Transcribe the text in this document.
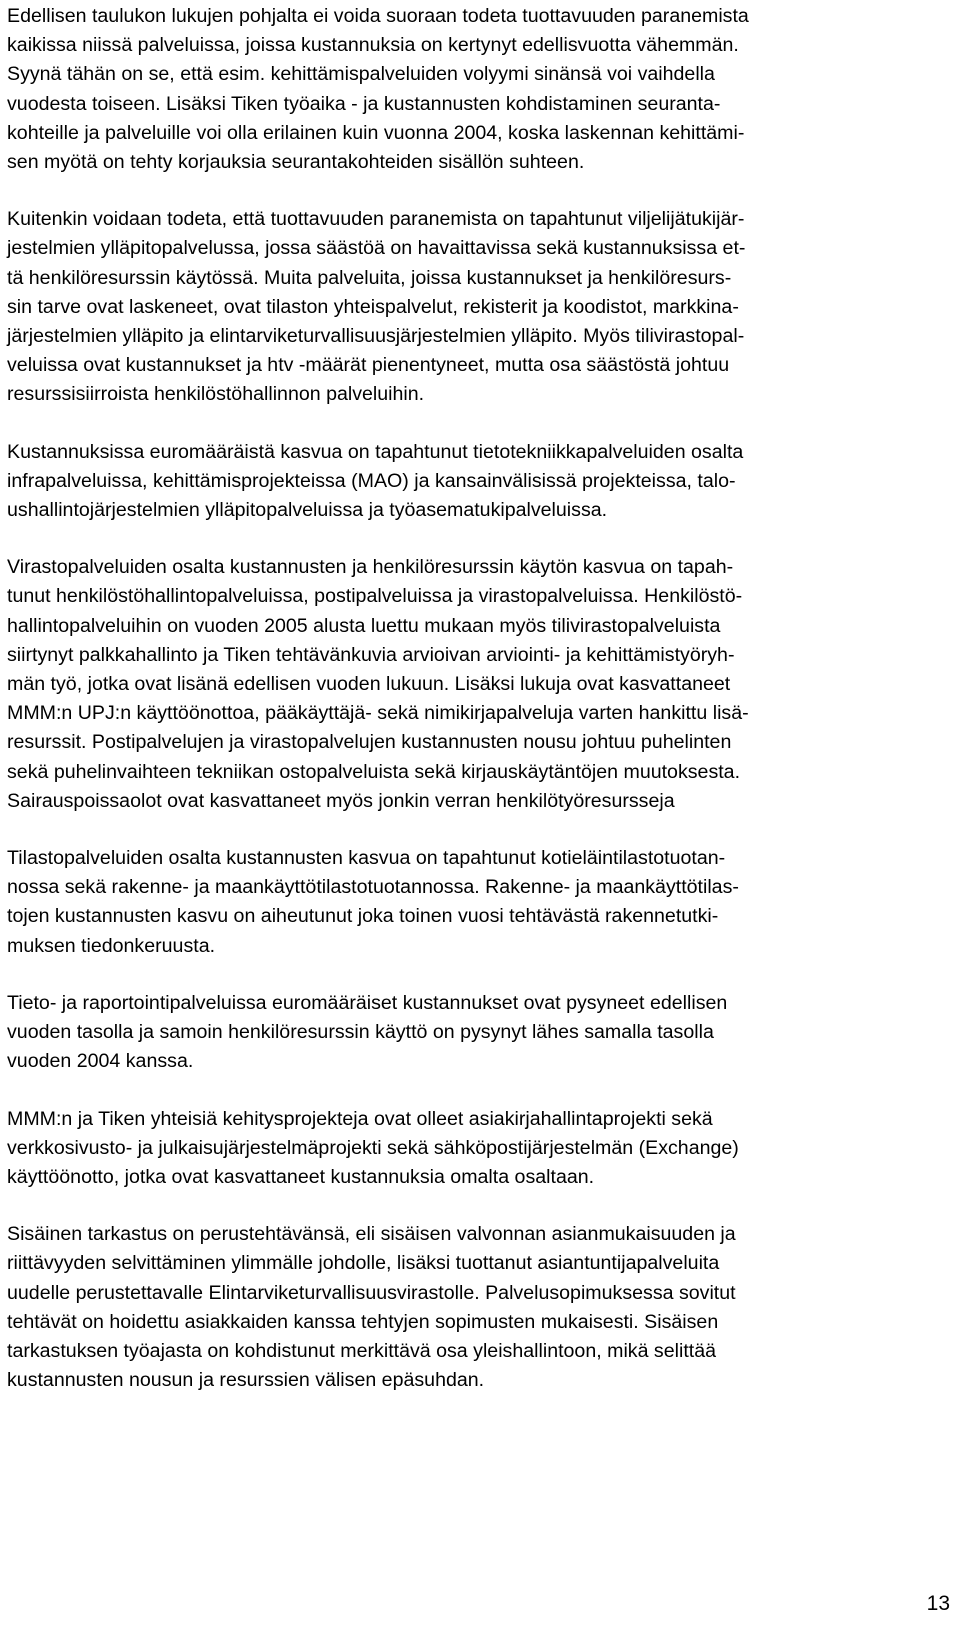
Edellisen taulukon lukujen pohjalta ei voida suoraan todeta tuottavuuden paranemista
kaikissa niissä palveluissa, joissa kustannuksia on kertynyt edellisvuotta vähemmän.
Syynä tähän on se, että esim. kehittämispalveluiden volyymi sinänsä voi vaihdella
vuodesta toiseen. Lisäksi Tiken työaika - ja kustannusten kohdistaminen seuranta-
kohteille ja palveluille voi olla erilainen kuin vuonna 2004, koska laskennan kehittämi-
sen myötä on tehty korjauksia seurantakohteiden sisällön suhteen.

Kuitenkin voidaan todeta, että tuottavuuden paranemista on tapahtunut viljelijätukijär-
jestelmien ylläpitopalvelussa, jossa säästöä on havaittavissa sekä kustannuksissa et-
tä henkilöresurssin käytössä. Muita palveluita, joissa kustannukset ja henkilöresurs-
sin tarve ovat laskeneet, ovat tilaston yhteispalvelut, rekisterit ja koodistot, markkina-
järjestelmien ylläpito ja elintarviketurvallisuusjärjestelmien ylläpito. Myös tilivirastopal-
veluissa ovat kustannukset ja htv -määrät pienentyneet, mutta osa säästöstä johtuu
resurssisiirroista henkilöstöhallinnon palveluihin.

Kustannuksissa euromääräistä kasvua on tapahtunut tietotekniikkapalveluiden osalta
infrapalveluissa, kehittämisprojekteissa (MAO) ja kansainvälisissä projekteissa, talo-
ushallintojärjestelmien ylläpitopalveluissa ja työasematukipalveluissa.

Virastopalveluiden osalta kustannusten ja henkilöresurssin käytön kasvua on tapah-
tunut henkilöstöhallintopalveluissa, postipalveluissa ja virastopalveluissa. Henkilöstö-
hallintopalveluihin on vuoden 2005 alusta luettu mukaan myös tilivirastopalveluista
siirtynyt palkkahallinto ja Tiken tehtävänkuvia arvioivan arviointi- ja kehittämistyöryh-
män työ, jotka ovat lisänä edellisen vuoden lukuun. Lisäksi lukuja ovat kasvattaneet
MMM:n UPJ:n käyttöönottoa, pääkäyttäjä- sekä nimikirjapalveluja varten hankittu lisä-
resurssit. Postipalvelujen ja virastopalvelujen kustannusten nousu johtuu puhelinten
sekä puhelinvaihteen tekniikan ostopalveluista sekä kirjauskäytäntöjen muutoksesta.
Sairauspoissaolot ovat kasvattaneet myös jonkin verran henkilötyöresursseja

Tilastopalveluiden osalta kustannusten kasvua on tapahtunut kotieläintilastotuotan-
nossa sekä rakenne- ja maankäyttötilastotuotannossa. Rakenne- ja maankäyttötilas-
tojen kustannusten kasvu on aiheutunut joka toinen vuosi tehtävästä rakennetutki-
muksen tiedonkeruusta.

Tieto- ja raportointipalveluissa euromääräiset kustannukset ovat pysyneet edellisen
vuoden tasolla ja samoin henkilöresurssin käyttö on pysynyt lähes samalla tasolla
vuoden 2004 kanssa.

MMM:n ja Tiken yhteisiä kehitysprojekteja ovat olleet asiakirjahallintaprojekti sekä
verkkosivusto- ja julkaisujärjestelmäprojekti sekä sähköpostijärjestelmän (Exchange)
käyttöönotto, jotka ovat kasvattaneet kustannuksia omalta osaltaan.

Sisäinen tarkastus on perustehtävänsä, eli sisäisen valvonnan asianmukaisuuden ja
riittävyyden selvittäminen ylimmälle johdolle, lisäksi tuottanut asiantuntijapalveluita
uudelle perustettavalle Elintarviketurvallisuusvirastolle. Palvelusopimuksessa sovitut
tehtävät on hoidettu asiakkaiden kanssa tehtyjen sopimusten mukaisesti. Sisäisen
tarkastuksen työajasta on kohdistunut merkittävä osa yleishallintoon, mikä selittää
kustannusten nousun ja resurssien välisen epäsuhdan.

13
